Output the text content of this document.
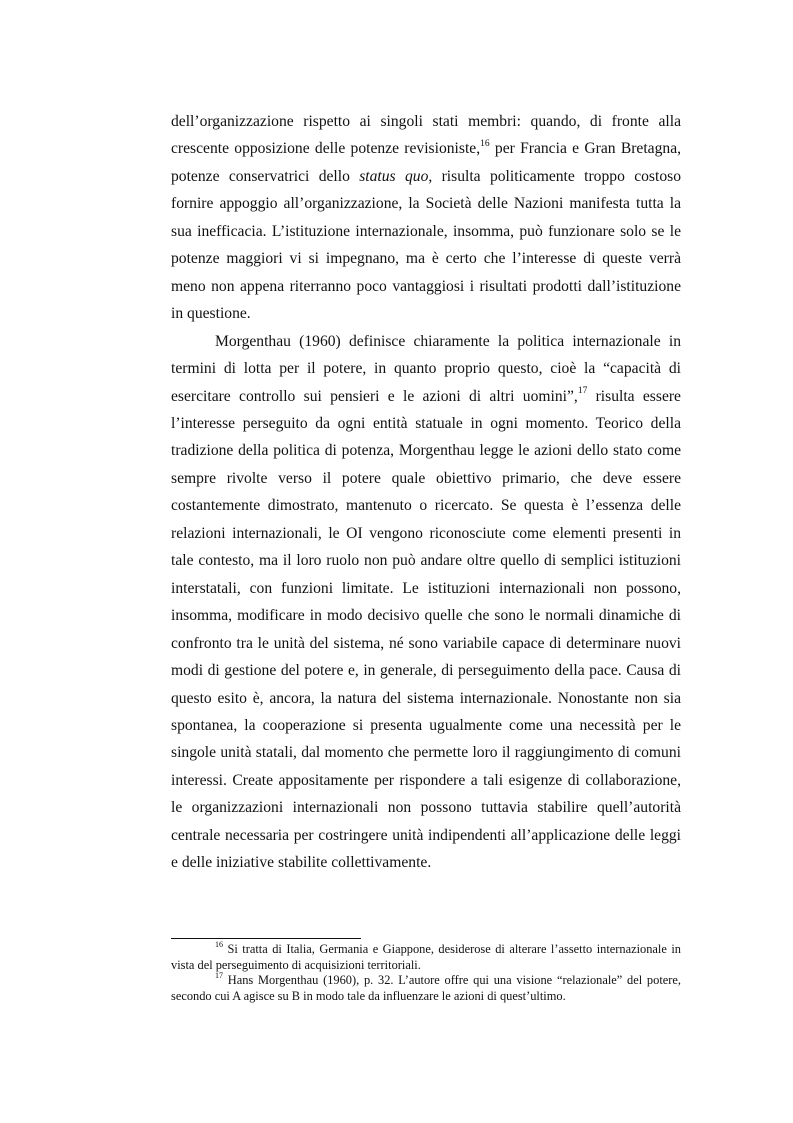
dell’organizzazione rispetto ai singoli stati membri: quando, di fronte alla crescente opposizione delle potenze revisioniste,$^{16}$ per Francia e Gran Bretagna, potenze conservatrici dello status quo, risulta politicamente troppo costoso fornire appoggio all’organizzazione, la Società delle Nazioni manifesta tutta la sua inefficacia. L’istituzione internazionale, insomma, può funzionare solo se le potenze maggiori vi si impegnano, ma è certo che l’interesse di queste verrà meno non appena riterranno poco vantaggiosi i risultati prodotti dall’istituzione in questione.

Morgenthau (1960) definisce chiaramente la politica internazionale in termini di lotta per il potere, in quanto proprio questo, cioè la “capacità di esercitare controllo sui pensieri e le azioni di altri uomini”,$^{17}$ risulta essere l’interesse perseguito da ogni entità statuale in ogni momento. Teorico della tradizione della politica di potenza, Morgenthau legge le azioni dello stato come sempre rivolte verso il potere quale obiettivo primario, che deve essere costantemente dimostrato, mantenuto o ricercato. Se questa è l’essenza delle relazioni internazionali, le OI vengono riconosciute come elementi presenti in tale contesto, ma il loro ruolo non può andare oltre quello di semplici istituzioni interstatali, con funzioni limitate. Le istituzioni internazionali non possono, insomma, modificare in modo decisivo quelle che sono le normali dinamiche di confronto tra le unità del sistema, né sono variabile capace di determinare nuovi modi di gestione del potere e, in generale, di perseguimento della pace. Causa di questo esito è, ancora, la natura del sistema internazionale. Nonostante non sia spontanea, la cooperazione si presenta ugualmente come una necessità per le singole unità statali, dal momento che permette loro il raggiungimento di comuni interessi. Create appositamente per rispondere a tali esigenze di collaborazione, le organizzazioni internazionali non possono tuttavia stabilire quell’autorità centrale necessaria per costringere unità indipendenti all’applicazione delle leggi e delle iniziative stabilite collettivamente.

$^{16}$ Si tratta di Italia, Germania e Giappone, desiderose di alterare l’assetto internazionale in vista del perseguimento di acquisizioni territoriali.

$^{17}$ Hans Morgenthau (1960), p. 32. L’autore offre qui una visione “relazionale” del potere, secondo cui A agisce su B in modo tale da influenzare le azioni di quest’ultimo.
